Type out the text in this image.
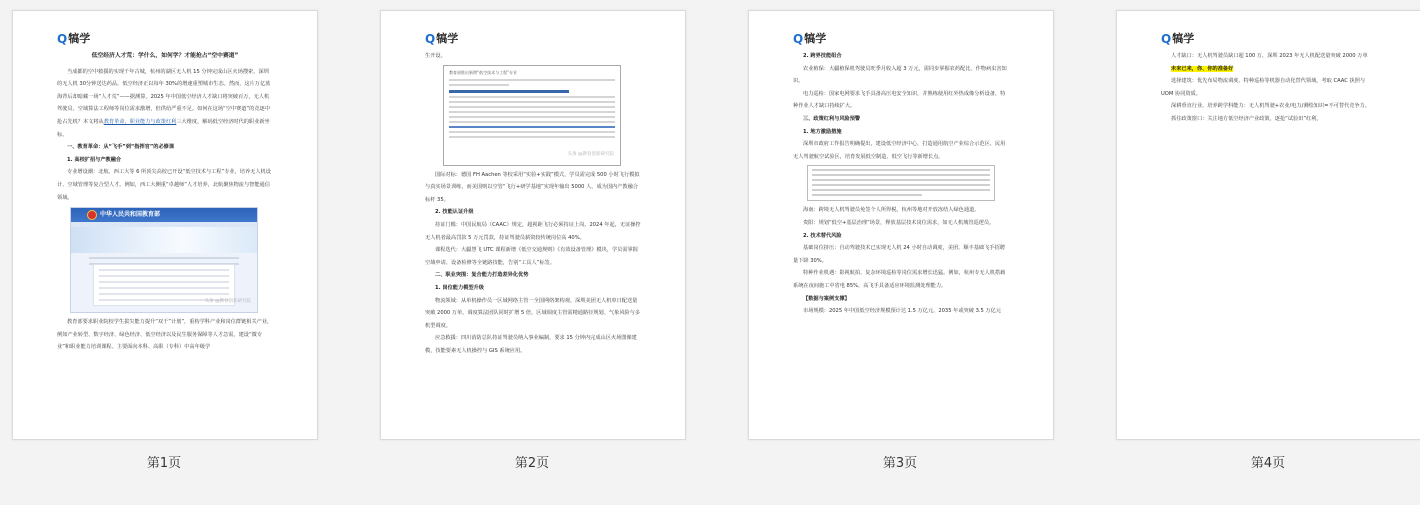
Q 犒学
低空经济人才荒：学什么，如何学？才能抢占“空中赛道”

当成都的空中救援的实现千年古城，杭州的湖区无人机 15 分钟完成山区火场搜索，深圳的无人机 30分钟送达药品，低空经济正以每年 30%的增速重塑城市生态。然而，这片万亿蓝海背后却暗藏一场“人才荒”——据测算，2025 年中国低空经济人才缺口将突破百万，无人机驾驶员、空域算法工程师等岗位需求激增，但供给严重不足。如何在这场“空中赛道”的竞逐中抢占先机？本文将从教育革命、职业能力与政策红利三大维度，解码低空经济时代的职业新坐标。

一、教育革命：从“飞手”到“指挥官”的必修课

1. 高校扩招与产教融合

专业增设潮：北航、西工大等 6 所顶尖高校已开设“低空技术与工程”专业，培养无人机设计、空域管理等复合型人才。例如，西工大侧重“卓越师”人才培养，北航聚焦物流与智能通信领域。

中华人民共和国教育部
头条 @教育创新研究院

教育部要求职业院校学生拔尖能力提升“双千”计划”，重构学科产业和岗位群链相关产业，例如产业转型、数字经济、绿色经济、低空经济以及民生服务保障等人才急需，建设“微专业”和职业能力培训课程。主要面向本科、高职（专科）中高年级学

第1页
Q 犒学

生开设。

教育部推出新增“低空技术与工程”专业
头条 @教育创新研究院

国际对标：德国 FH Aachen 等校采用“实验+实践”模式，学员需完成 500 小时飞行模拟与真实场景训练，而美国则以空管“飞行+研学基地”实现年输出 5000 人，成为国内产教融合标杆 35。

2. 技能认证升级

持证门槛：中国民航局（CAAC）规定，超视距飞行必须持证上岗。2024 年起，无证操控无人机者最高罚款 5 万元罚款，持证驾驶员薪资较传统岗位高 40%。

课程迭代：大疆慧飞 UTC 课程新增《低空交通规则》《有效设备管理》模块，学员需掌握空域申请、设备检修等全链路技能，告别“工具人”标签。

二、职业突围：复合能力打造差异化优势

1. 岗位能力模型升级

物流领域：从单机操作员一区域网络主管一全国网络架构观。深圳美团无人机单日配送量突破 2000 万单，调度算法团队同时扩增 5 倍，区域调度主管需精通路径规划、气象风险与多机型调度。

应急救援：四川消防总队持证驾驶员纳入事业编制，要求 15 分钟内完成山区火场图像建模，技能要素无人机操控与 GIS 系统应用。

第2页
Q 犒学

2. 跨界技能组合

农业植保：大疆植保机驾驶员旺季月收入超 3 万元，需同步掌握农药配比、作物病虫害知识。

电力巡检：国家电网要求飞手具备高压电安全知识，并熟练使用红外热成像分析设备，特种作业人才缺口持续扩大。

三、政策红利与风险预警

1. 地方激励措施

深圳市政府工作报告明确提出，建设低空经济中心，打造通用航空产业综合示范区、民用无人驾驶航空试验区，培育发展低空制造、低空飞行等新增长点。

海南：跨境无人机驾驶员免签个人所得税，杭州等地对开放冻结人绿色通道。

贵阳：规划“低空+基层治理”场景，释放基层技术岗位需求，如无人机城管巡逻员。

2. 技术替代风险

基础岗位挤压：自动驾驶技术已实现无人机 24 小时自动调度，美团、顺丰基础飞手招聘量下降 30%。

特种作业机遇：影视航拍、复杂环境巡检等岗位需求增长迅猛。例如，杭州专无人机搭载系统在夜间施工中省电 85%，高飞手具备适应环境监测处理能力。

【数据与案例支撑】

市场规模：2025 年中国低空经济规模预计达 1.5 万亿元，2035 年或突破 3.5 万亿元

第3页
Q 犒学

人才缺口：无人机驾驶员缺口超 100 万，深圳 2023 年无人机配送量突破 2000 万单

未来已来，你、你的准备好

选择建筑：优先布局物流调度、特种巡检等机器自动化替代领域，考取 CAAC 执照与 UOM 协同资质。

深耕垂直行业，培养跨学科能力：无人机驾驶+农业/电力/测绘知识=不可替代竞争力。

抓住政策窗口：关注地方低空经济产业政策，逐抢“试验田”红利。

第4页
